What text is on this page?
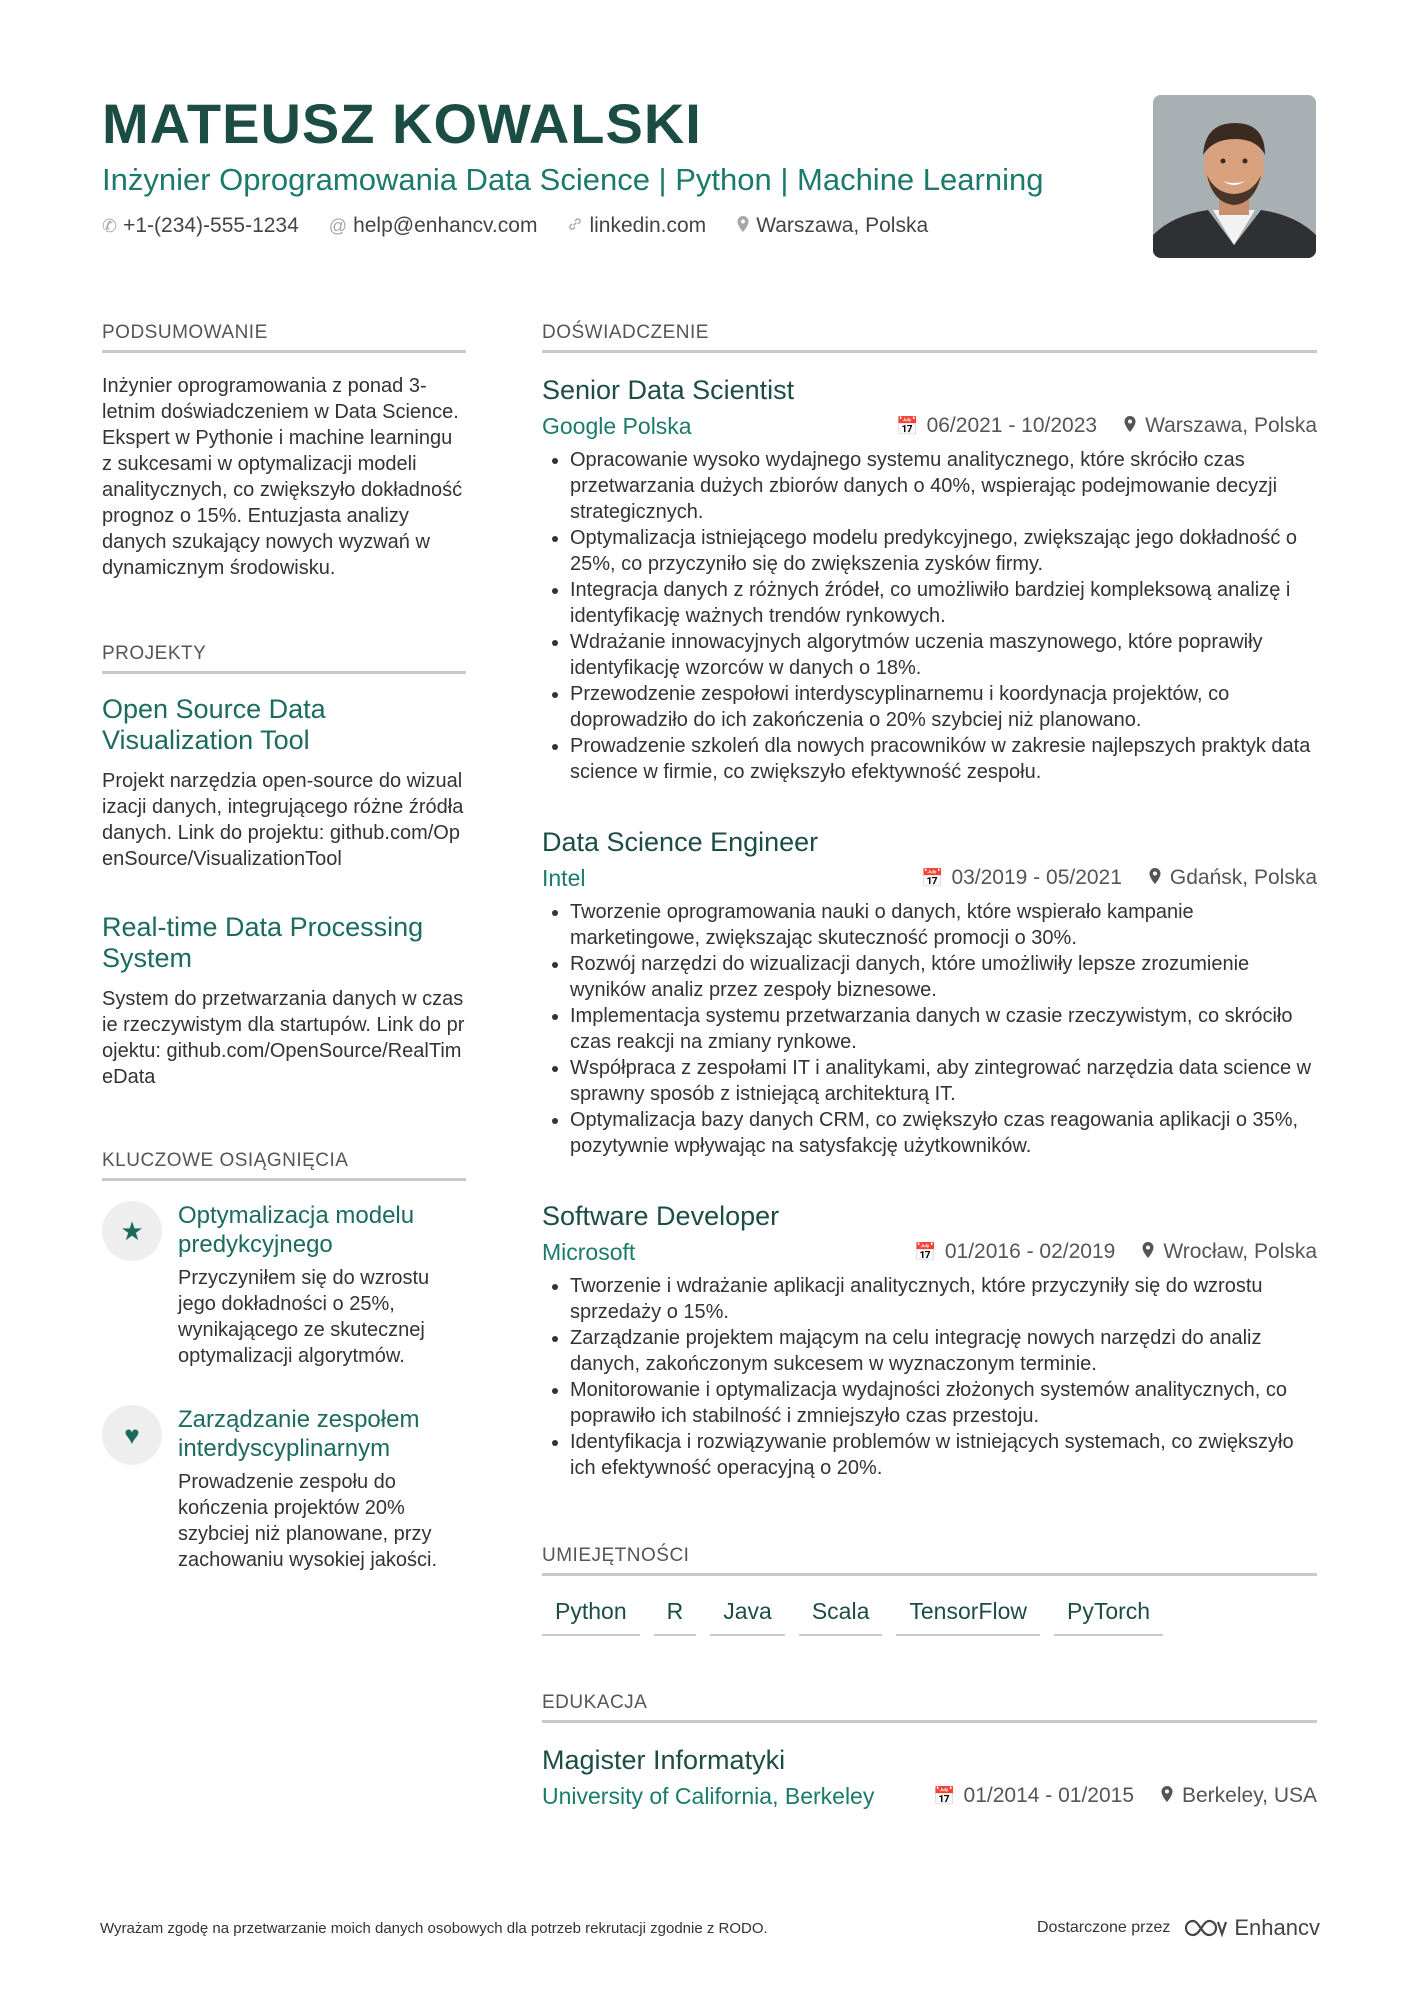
MATEUSZ KOWALSKI
Inżynier Oprogramowania Data Science | Python | Machine Learning
✆ +1-(234)-555-1234 @ help@enhancv.com linkedin.com Warszawa, Polska
PODSUMOWANIE

Inżynier oprogramowania z ponad 3-letnim doświadczeniem w Data Science. Ekspert w Pythonie i machine learningu z sukcesami w optymalizacji modeli analitycznych, co zwiększyło dokładność prognoz o 15%. Entuzjasta analizy danych szukający nowych wyzwań w dynamicznym środowisku.

PROJEKTY
Open Source Data Visualization Tool

Projekt narzędzia open-source do wizualizacji danych, integrującego różne źródła danych. Link do projektu: github.com/OpenSource/VisualizationTool

Real-time Data Processing System

System do przetwarzania danych w czasie rzeczywistym dla startupów. Link do projektu: github.com/OpenSource/RealTimeData

KLUCZOWE OSIĄGNIĘCIA
★	Optymalizacja modelu predykcyjnego

Przyczyniłem się do wzrostu jego dokładności o 25%, wynikającego ze skutecznej optymalizacji algorytmów.

♥	Zarządzanie zespołem interdyscyplinarnym

Prowadzenie zespołu do kończenia projektów 20% szybciej niż planowane, przy zachowaniu wysokiej jakości.

DOŚWIADCZENIE
Senior Data Scientist
Google Polska	📅 06/2021 - 10/2023 Warszawa, Polska
• Opracowanie wysoko wydajnego systemu analitycznego, które skróciło czas przetwarzania dużych zbiorów danych o 40%, wspierając podejmowanie decyzji strategicznych.
• Optymalizacja istniejącego modelu predykcyjnego, zwiększając jego dokładność o 25%, co przyczyniło się do zwiększenia zysków firmy.
• Integracja danych z różnych źródeł, co umożliwiło bardziej kompleksową analizę i identyfikację ważnych trendów rynkowych.
• Wdrażanie innowacyjnych algorytmów uczenia maszynowego, które poprawiły identyfikację wzorców w danych o 18%.
• Przewodzenie zespołowi interdyscyplinarnemu i koordynacja projektów, co doprowadziło do ich zakończenia o 20% szybciej niż planowano.
• Prowadzenie szkoleń dla nowych pracowników w zakresie najlepszych praktyk data science w firmie, co zwiększyło efektywność zespołu.
Data Science Engineer
Intel	📅 03/2019 - 05/2021 Gdańsk, Polska
• Tworzenie oprogramowania nauki o danych, które wspierało kampanie marketingowe, zwiększając skuteczność promocji o 30%.
• Rozwój narzędzi do wizualizacji danych, które umożliwiły lepsze zrozumienie wyników analiz przez zespoły biznesowe.
• Implementacja systemu przetwarzania danych w czasie rzeczywistym, co skróciło czas reakcji na zmiany rynkowe.
• Współpraca z zespołami IT i analitykami, aby zintegrować narzędzia data science w sprawny sposób z istniejącą architekturą IT.
• Optymalizacja bazy danych CRM, co zwiększyło czas reagowania aplikacji o 35%, pozytywnie wpływając na satysfakcję użytkowników.
Software Developer
Microsoft	📅 01/2016 - 02/2019 Wrocław, Polska
• Tworzenie i wdrażanie aplikacji analitycznych, które przyczyniły się do wzrostu sprzedaży o 15%.
• Zarządzanie projektem mającym na celu integrację nowych narzędzi do analiz danych, zakończonym sukcesem w wyznaczonym terminie.
• Monitorowanie i optymalizacja wydajności złożonych systemów analitycznych, co poprawiło ich stabilność i zmniejszyło czas przestoju.
• Identyfikacja i rozwiązywanie problemów w istniejących systemach, co zwiększyło ich efektywność operacyjną o 20%.
UMIEJĘTNOŚCI
Python	R	Java	Scala	TensorFlow	PyTorch
EDUKACJA
Magister Informatyki
University of California, Berkeley	📅 01/2014 - 01/2015 Berkeley, USA
Wyrażam zgodę na przetwarzanie moich danych osobowych dla potrzeb rekrutacji zgodnie z RODO.	Dostarczone przez	Enhancv
